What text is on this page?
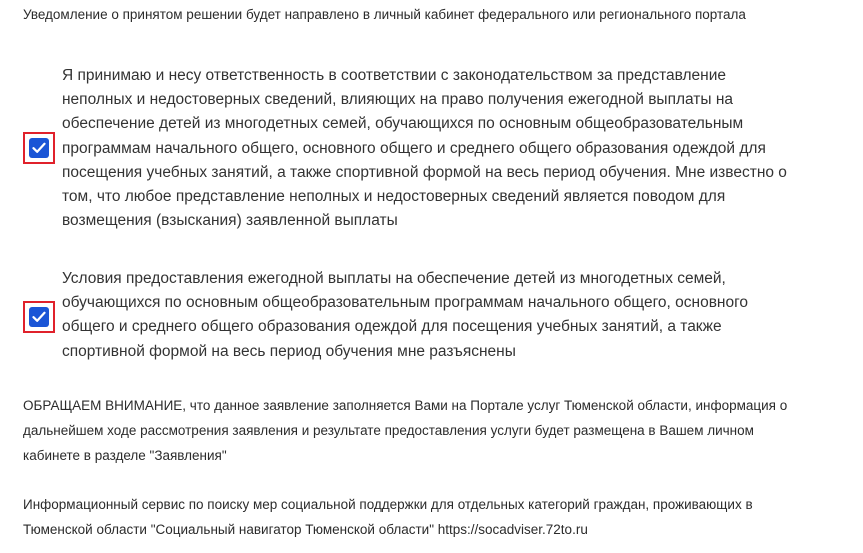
Уведомление о принятом решении будет направлено в личный кабинет федерального или регионального портала
Я принимаю и несу ответственность в соответствии с законодательством за представление
неполных и недостоверных сведений, влияющих на право получения ежегодной выплаты на
обеспечение детей из многодетных семей, обучающихся по основным общеобразовательным
программам начального общего, основного общего и среднего общего образования одеждой для
посещения учебных занятий, а также спортивной формой на весь период обучения. Мне известно о
том, что любое представление неполных и недостоверных сведений является поводом для
возмещения (взыскания) заявленной выплаты
Условия предоставления ежегодной выплаты на обеспечение детей из многодетных семей,
обучающихся по основным общеобразовательным программам начального общего, основного
общего и среднего общего образования одеждой для посещения учебных занятий, а также
спортивной формой на весь период обучения мне разъяснены
ОБРАЩАЕМ ВНИМАНИЕ, что данное заявление заполняется Вами на Портале услуг Тюменской области, информация о
дальнейшем ходе рассмотрения заявления и результате предоставления услуги будет размещена в Вашем личном
кабинете в разделе "Заявления"
Информационный сервис по поиску мер социальной поддержки для отдельных категорий граждан, проживающих в
Тюменской области "Социальный навигатор Тюменской области" https://socadviser.72to.ru
